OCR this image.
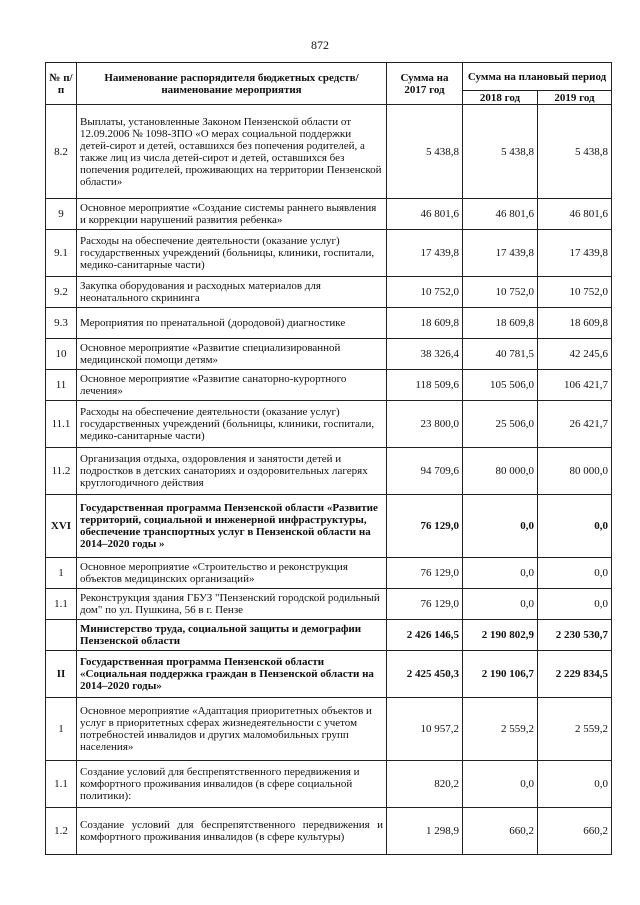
872
№ п/п	Наименование распорядителя бюджетных средств/ наименование мероприятия	Сумма на 2017 год	Сумма на плановый период	
			2018 год	2019 год
8.2	Выплаты, установленные Законом Пензенской области от 12.09.2006 № 1098-ЗПО «О мерах социальной поддержки детей-сирот и детей, оставшихся без попечения родителей, а также лиц из числа детей-сирот и детей, оставшихся без попечения родителей, проживающих на территории Пензенской области»	5 438,8	5 438,8	5 438,8
9	Основное мероприятие «Создание системы раннего выявления и коррекции нарушений развития ребенка»	46 801,6	46 801,6	46 801,6
9.1	Расходы на обеспечение деятельности (оказание услуг) государственных учреждений (больницы, клиники, госпитали, медико-санитарные части)	17 439,8	17 439,8	17 439,8
9.2	Закупка оборудования и расходных материалов для неонатального скрининга	10 752,0	10 752,0	10 752,0
9.3	Мероприятия по пренатальной (дородовой) диагностике	18 609,8	18 609,8	18 609,8
10	Основное мероприятие «Развитие специализированной медицинской помощи детям»	38 326,4	40 781,5	42 245,6
11	Основное мероприятие «Развитие санаторно-курортного лечения»	118 509,6	105 506,0	106 421,7
11.1	Расходы на обеспечение деятельности (оказание услуг) государственных учреждений (больницы, клиники, госпитали, медико-санитарные части)	23 800,0	25 506,0	26 421,7
11.2	Организация отдыха, оздоровления и занятости детей и подростков в детских санаториях и оздоровительных лагерях круглогодичного действия	94 709,6	80 000,0	80 000,0
XVI	Государственная программа Пензенской области «Развитие территорий, социальной и инженерной инфраструктуры, обеспечение транспортных услуг в Пензенской области на 2014–2020 годы »	76 129,0	0,0	0,0
1	Основное мероприятие «Строительство и реконструкция объектов медицинских организаций»	76 129,0	0,0	0,0
1.1	Реконструкция здания ГБУЗ "Пензенский городской родильный дом" по ул. Пушкина, 56 в г. Пензе	76 129,0	0,0	0,0
	Министерство труда, социальной защиты и демографии Пензенской области	2 426 146,5	2 190 802,9	2 230 530,7
II	Государственная программа Пензенской области «Социальная поддержка граждан в Пензенской области на 2014–2020 годы»	2 425 450,3	2 190 106,7	2 229 834,5
1	Основное мероприятие «Адаптация приоритетных объектов и услуг в приоритетных сферах жизнедеятельности с учетом потребностей инвалидов и других маломобильных групп населения»	10 957,2	2 559,2	2 559,2
1.1	Создание условий для беспрепятственного передвижения и комфортного проживания инвалидов (в сфере социальной политики):	820,2	0,0	0,0
1.2	Создание условий для беспрепятственного передвижения и комфортного проживания инвалидов (в сфере культуры)	1 298,9	660,2	660,2
